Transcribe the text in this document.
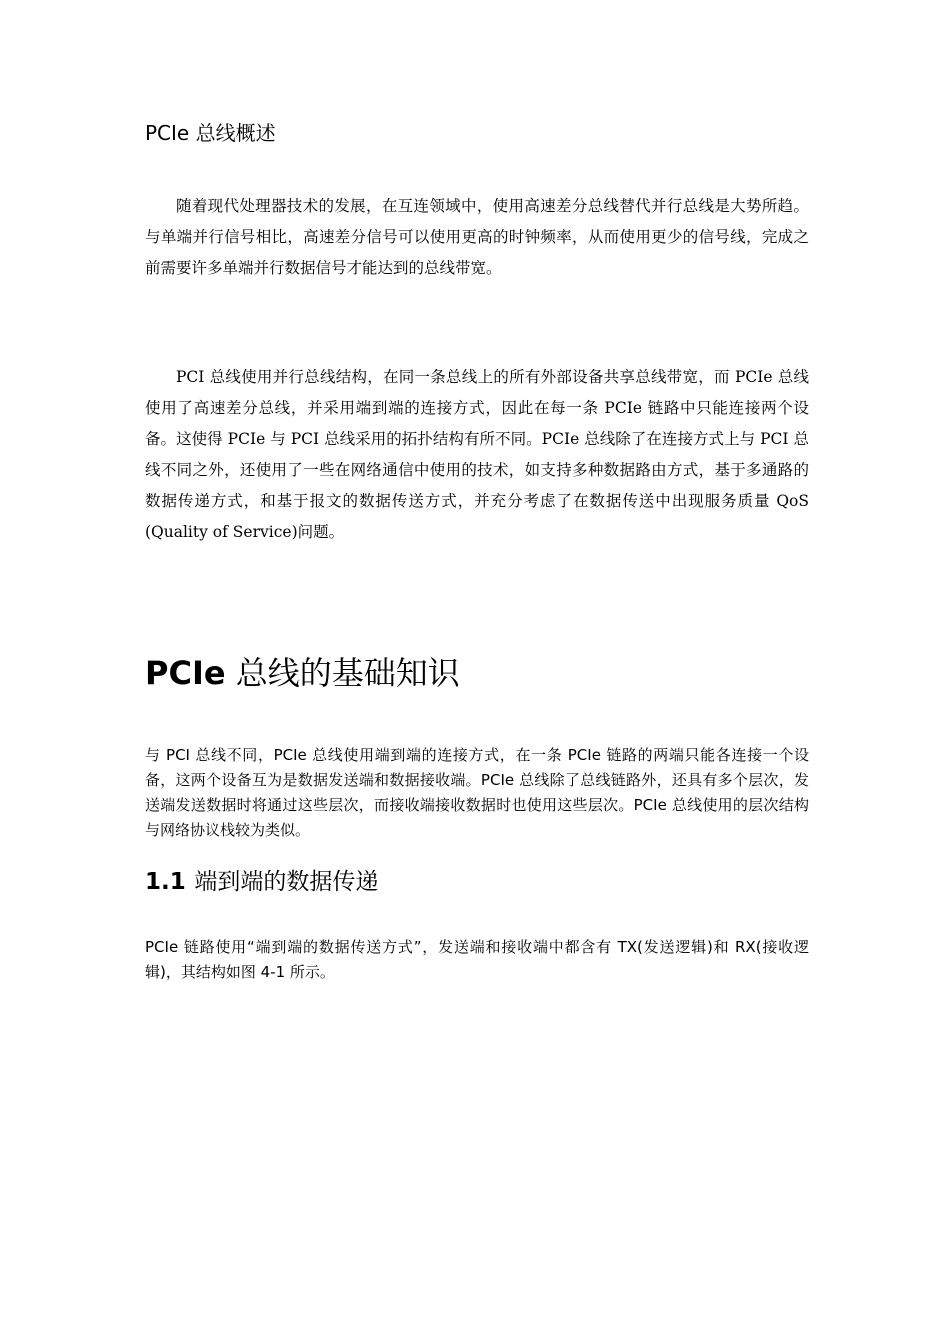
PCIe 总线概述

随着现代处理器技术的发展，在互连领域中，使用高速差分总线替代并行总线是大势所趋。与单端并行信号相比，高速差分信号可以使用更高的时钟频率，从而使用更少的信号线，完成之前需要许多单端并行数据信号才能达到的总线带宽。

PCI 总线使用并行总线结构，在同一条总线上的所有外部设备共享总线带宽，而 PCIe 总线使用了高速差分总线，并采用端到端的连接方式，因此在每一条 PCIe 链路中只能连接两个设备。这使得 PCIe 与 PCI 总线采用的拓扑结构有所不同。PCIe 总线除了在连接方式上与 PCI 总线不同之外，还使用了一些在网络通信中使用的技术，如支持多种数据路由方式，基于多通路的数据传递方式，和基于报文的数据传送方式，并充分考虑了在数据传送中出现服务质量 QoS (Quality of Service)问题。

PCIe 总线的基础知识

与 PCI 总线不同，PCIe 总线使用端到端的连接方式，在一条 PCIe 链路的两端只能各连接一个设备，这两个设备互为是数据发送端和数据接收端。PCIe 总线除了总线链路外，还具有多个层次，发送端发送数据时将通过这些层次，而接收端接收数据时也使用这些层次。PCIe 总线使用的层次结构与网络协议栈较为类似。

1.1 端到端的数据传递

PCIe 链路使用“端到端的数据传送方式”，发送端和接收端中都含有 TX(发送逻辑)和 RX(接收逻辑)，其结构如图 4-1 所示。
